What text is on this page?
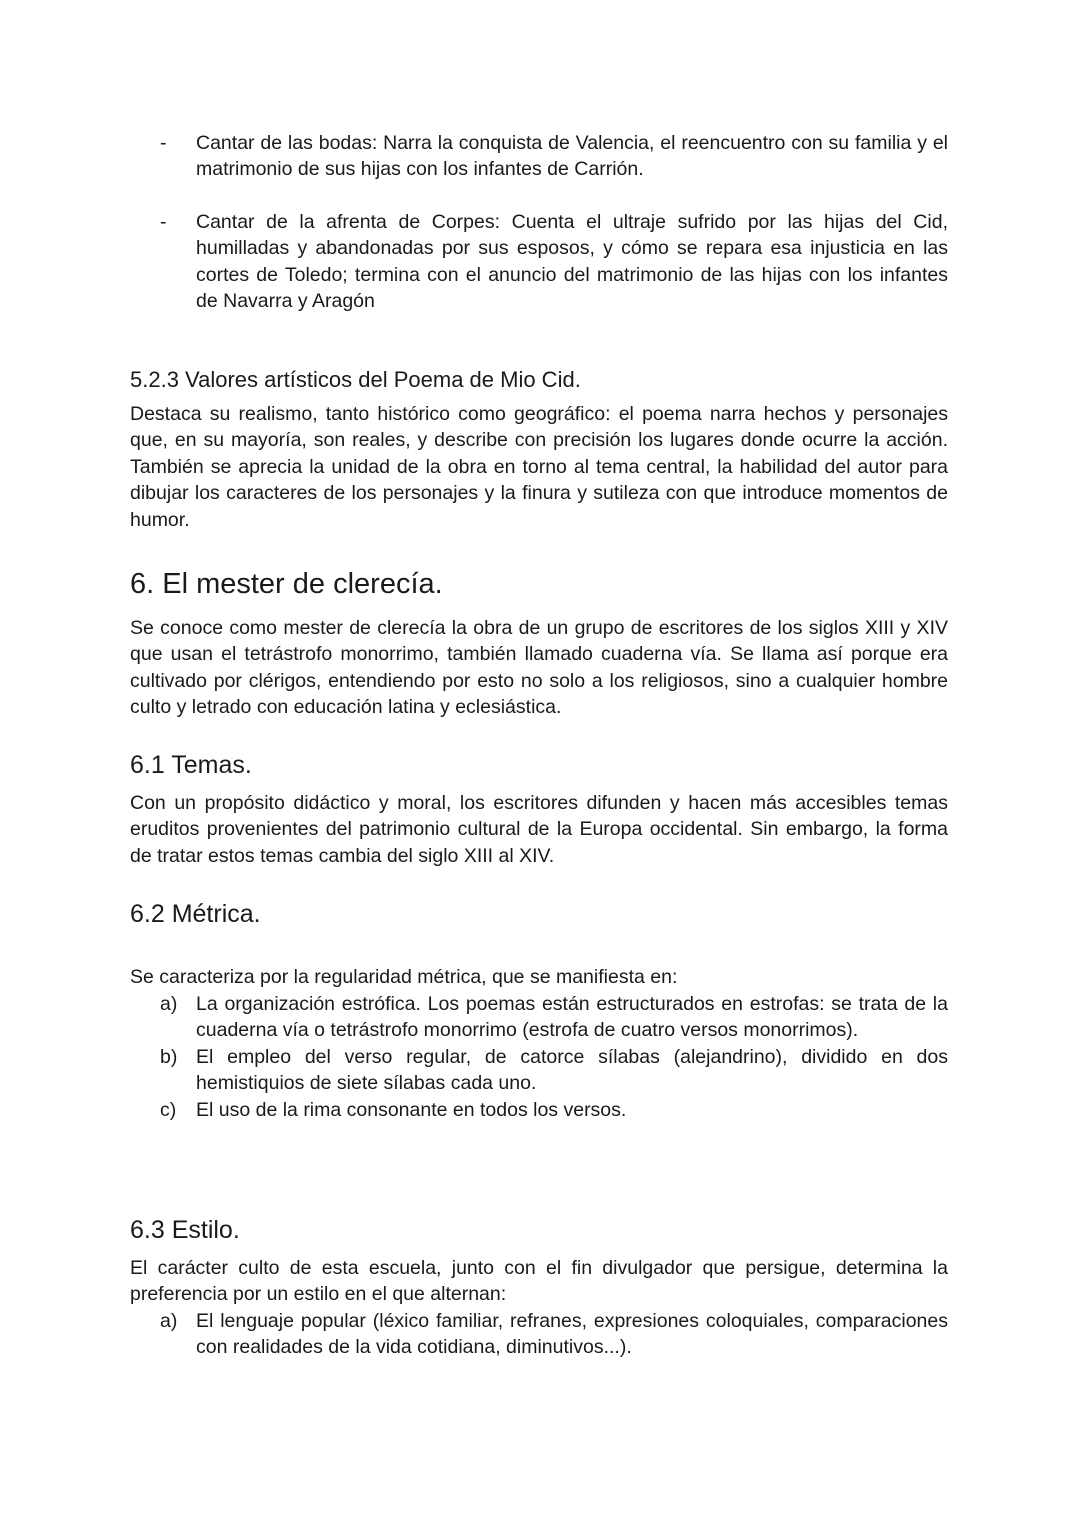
- Cantar de las bodas: Narra la conquista de Valencia, el reencuentro con su familia y el matrimonio de sus hijas con los infantes de Carrión.
- Cantar de la afrenta de Corpes: Cuenta el ultraje sufrido por las hijas del Cid, humilladas y abandonadas por sus esposos, y cómo se repara esa injusticia en las cortes de Toledo; termina con el anuncio del matrimonio de las hijas con los infantes de Navarra y Aragón
5.2.3 Valores artísticos del Poema de Mio Cid.

Destaca su realismo, tanto histórico como geográfico: el poema narra hechos y personajes que, en su mayoría, son reales, y describe con precisión los lugares donde ocurre la acción. También se aprecia la unidad de la obra en torno al tema central, la habilidad del autor para dibujar los caracteres de los personajes y la finura y sutileza con que introduce momentos de humor.

6. El mester de clerecía.

Se conoce como mester de clerecía la obra de un grupo de escritores de los siglos XIII y XIV que usan el tetrástrofo monorrimo, también llamado cuaderna vía. Se llama así porque era cultivado por clérigos, entendiendo por esto no solo a los religiosos, sino a cualquier hombre culto y letrado con educación latina y eclesiástica.

6.1 Temas.

Con un propósito didáctico y moral, los escritores difunden y hacen más accesibles temas eruditos provenientes del patrimonio cultural de la Europa occidental. Sin embargo, la forma de tratar estos temas cambia del siglo XIII al XIV.

6.2 Métrica.

Se caracteriza por la regularidad métrica, que se manifiesta en:

a) La organización estrófica. Los poemas están estructurados en estrofas: se trata de la cuaderna vía o tetrástrofo monorrimo (estrofa de cuatro versos monorrimos).
b) El empleo del verso regular, de catorce sílabas (alejandrino), dividido en dos hemistiquios de siete sílabas cada uno.
c) El uso de la rima consonante en todos los versos.
6.3 Estilo.

El carácter culto de esta escuela, junto con el fin divulgador que persigue, determina la preferencia por un estilo en el que alternan:

a) El lenguaje popular (léxico familiar, refranes, expresiones coloquiales, comparaciones con realidades de la vida cotidiana, diminutivos...).
